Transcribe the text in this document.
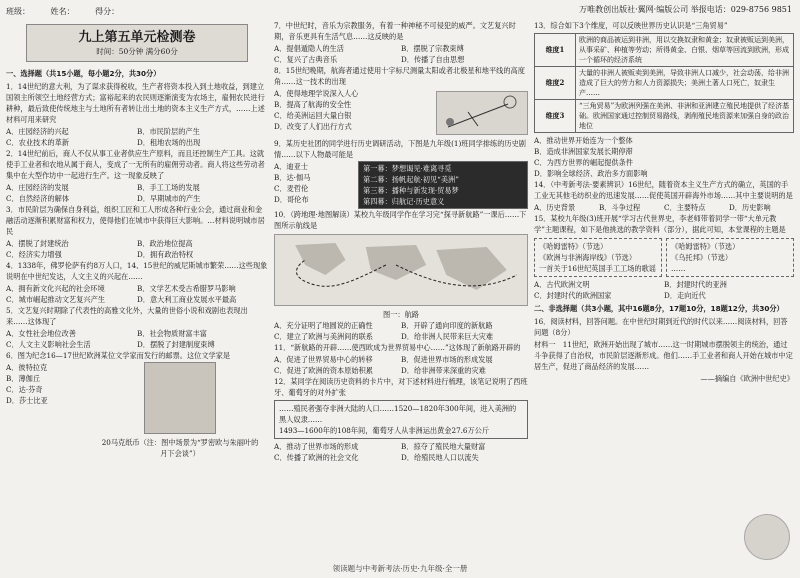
班级：	姓名：	得分：	万唯教创出版社·翼网·编版公司 举报电话：029-8756 9851
九上第五单元检测卷
时间：50分钟 满分60分
一、选择题（共15小题，每小题2分，共30分）
1．14世纪的意大利，为了谋求获得税收，生产者将资本投入到土地收益，到建立国领主所领空土地经营方式；富裕起来的农民则逐渐演变为农场主，雇佣农民进行耕种，最后致使传统地主与土地所有者转让出土地的资本主义生产方式，……上述材料可用来研究
A．庄园经济的兴起	B．市民阶层的产生
C．农业技术的革新	D．租地农场的出现
2．14世纪前后，商人不仅从事工业者供应生产原料，而且还控制生产工具。这就使手工业者和农地从属于商人，变成了一无所有的雇佣劳动者。商人将这些劳动者集中在大型作坊中一起进行生产。这一现象反映了
A．庄园经济的发展	B．手工工场的发展
C．自然经济的解体	D．早期城市的产生
3．市民阶层为确保自身利益，组织工匠和工人形成各种行业公会，通过商业和金融活动逐渐积累财富和权力，使得他们在城市中获得巨大影响。…材料说明城市居民
A．摆脱了封建统治	B．政治地位提高
C．经济实力增强	D．拥有政治特权
4．1338年，佛罗伦萨有约8万人口，14、15世纪的威尼斯城市繁荣……这些现象说明在中世纪发达，人文主义的兴起在……
A．拥有新文化兴起的社会环境	B．文学艺术受古希腊罗马影响
C．城市崛起推动文艺复兴产生	D．意大利工商业发展水平最高
5．文艺复兴时期除了代表性的高雅文化外，大量的世俗小说和戏剧也表现出来……这体现了
A．女性社会地位改善	B．社会物质财富丰富
C．人文主义影响社会生活	D．摆脱了封建制度束缚
6．图为纪念16—17世纪欧洲某位文学家而发行的邮票。这位文学家是
A．彼特拉克
B．薄伽丘
C．达·芬奇
D．莎士比亚
20马克纸币（注：图中场景为“罗密欧与朱丽叶的月下会谈”）
7．中世纪时，音乐为宗教服务，有着一种神秘不可侵犯的威严。文艺复兴时期，音乐更具有生活气息……这反映的是
A．提倡遁隐人的生活	B．摆脱了宗教束缚
C．复兴了古典音乐	D．传播了自由思想
8．15世纪晚期，航海者通过使用十字标尺测量太阳或者北极星和地平线的高度角……这一技术的出现
A．使得地理学说深入人心
B．提高了航海的安全性
C．给美洲运回大量白银
D．改变了人们出行方式
9．某历史社团的同学进行历史调研活动，下图是九年级(1)班同学排练的历史剧情……以下人物最可能是
A．迪亚士
B．达·伽马
C．麦哲伦
D．哥伦布
第一幕：梦想谒见·难离寻觅
第二幕：扬帆起航·初见“美洲”
第三幕：播种与新发现·贸易梦
第四幕：归航记·历史意义
10．（跨地理·地图解读）某校九年级同学作在学习完“探寻新航路”一课后……下图所示航线是
图一：航路
A．充分证明了地圆说的正确性	B．开辟了通向印度的新航路
C．建立了欧洲与美洲间的联系	D．给非洲人民带来巨大灾难
11．“新航路的开辟……使西欧成为世界贸易中心……”这体现了新航路开辟的
A．促进了世界贸易中心的转移	B．促进世界市场的形成发展
C．促进了欧洲的资本原始积累	D．给非洲带来深重的灾难
12．某同学在阅读历史资料的卡片中，对下述材料进行梳理，该笔记说明了西班牙、葡萄牙的对外扩张
……殖民者强夺非洲大陆的人口……1520—1820年300年间，进入美洲的黑人奴隶……
1493—1600年的108年间，葡萄牙人从非洲运出黄金27.6万公斤
A．推动了世界市场的形成	B．掠夺了殖民地大量财富
C．传播了欧洲的社会文化	D．给殖民地人口以流失
13．综合如下3个维度，可以反映世界历史认识是“三角贸易”
维度1	欧洲的商品被运到非洲，用以交换奴隶和黄金；奴隶被贩运到美洲，从事采矿、种植等劳动；所得黄金、白银、烟草等回流到欧洲，形成一个循环的经济系统
维度2	大量的非洲人被贩卖到美洲，导致非洲人口减少，社会动荡，给非洲造成了巨大的劳力和人力资源损失；美洲土著人口死亡，奴隶生产……
维度3	“三角贸易”为欧洲列强在美洲、非洲和亚洲建立殖民地提供了经济基础。欧洲国家通过控制贸易路线，剥削殖民地资源来加强自身的政治地位
A．推动世界开始连为一个整体
B．造成非洲国家发展长期停滞
C．为西方世界的崛起提供条件
D．影响全球经济、政治多方面影响
14．（中考新考法·要素辨识）16世纪，随着资本主义生产方式的确立，英国的手工业无其他毛纺织业的迅速发展……促使英国开辟海外市场……其中主要说明的是
A．历史背景	B．斗争过程	C．主要特点	D．历史影响
15．某校九年级(3)班开展“学习古代世界史，李老师带着同学一带“大单元教学”主题课程，如下是他挑选的教学资料（部分），据此可知，本堂课程的主题是
《哈姆雷特》（节选）
《欧洲与非洲海岸线》（节选）
一首关于16世纪英国手工工场的歌谣
《哈姆雷特》（节选）
《乌托邦》（节选）
……
A．古代欧洲文明	B．封建时代的亚洲
C．封建时代的欧洲国家	D．走向近代
二、非选择题（共3小题，其中16题8分，17题10分，18题12分，共30分）
16．阅读材料，回答问题。在中世纪时期到近代的时代以来……阅读材料，回答问题（8分）
材料一　11世纪，欧洲开始出现了城市……这一时期城市摆脱领主的统治，通过斗争获得了自治权，市民阶层逐渐形成。他们……手工业者和商人开始在城市中定居生产，促进了商品经济的发展……
——摘编自《欧洲中世纪史》
领读题与中考新考法·历史·九年级·全一册
